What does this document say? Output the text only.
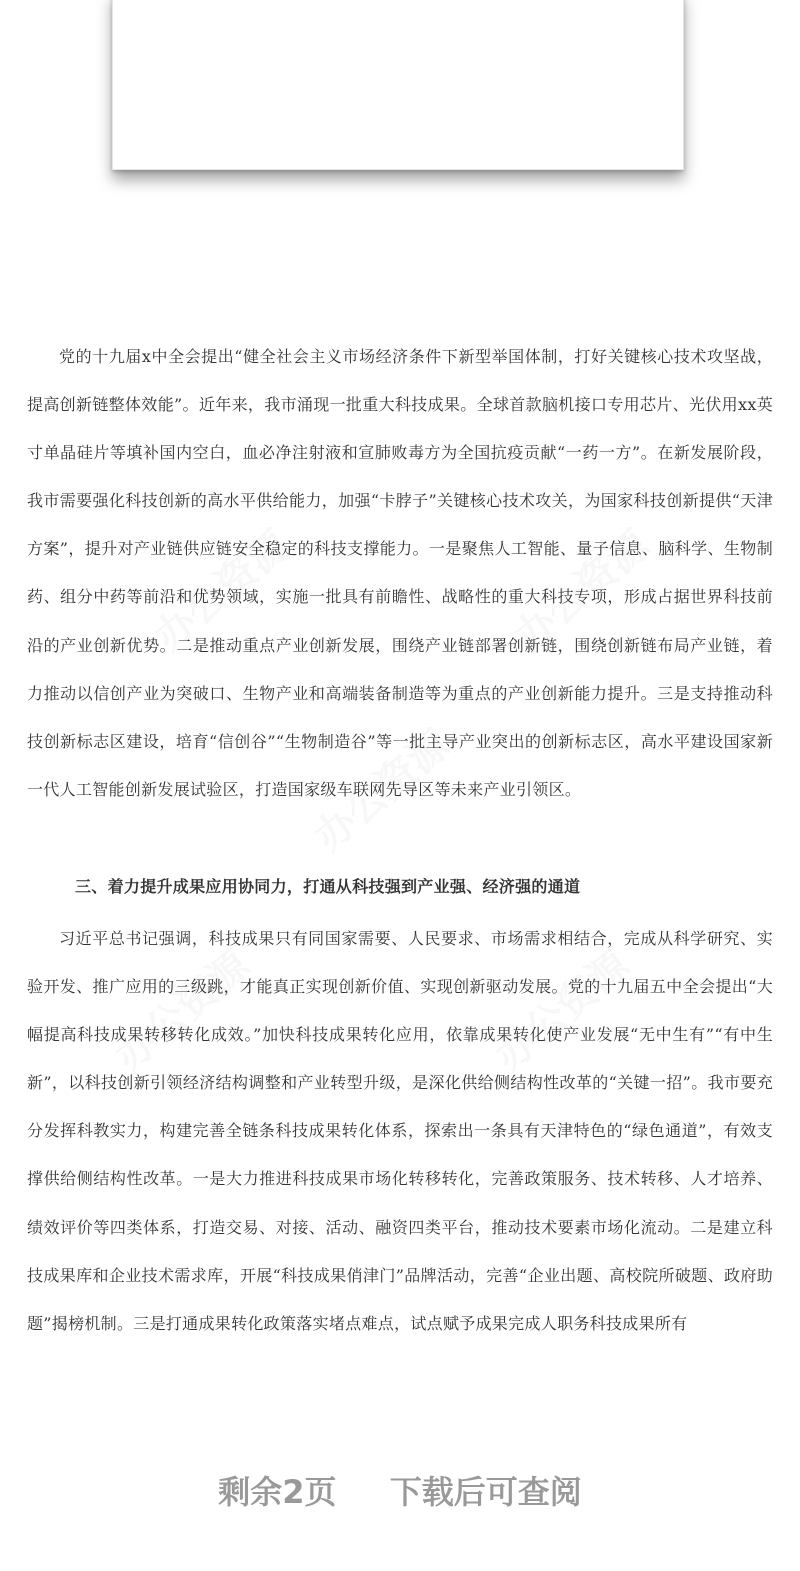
办公资源	办公资源
办公资源
办公资源	办公资源

党的十九届x中全会提出“健全社会主义市场经济条件下新型举国体制，打好关键核心技术攻坚战，提高创新链整体效能”。近年来，我市涌现一批重大科技成果。全球首款脑机接口专用芯片、光伏用xx英寸单晶硅片等填补国内空白，血必净注射液和宣肺败毒方为全国抗疫贡献“一药一方”。在新发展阶段，我市需要强化科技创新的高水平供给能力，加强“卡脖子”关键核心技术攻关，为国家科技创新提供“天津方案”，提升对产业链供应链安全稳定的科技支撑能力。一是聚焦人工智能、量子信息、脑科学、生物制药、组分中药等前沿和优势领域，实施一批具有前瞻性、战略性的重大科技专项，形成占据世界科技前沿的产业创新优势。二是推动重点产业创新发展，围绕产业链部署创新链，围绕创新链布局产业链，着力推动以信创产业为突破口、生物产业和高端装备制造等为重点的产业创新能力提升。三是支持推动科技创新标志区建设，培育“信创谷”“生物制造谷”等一批主导产业突出的创新标志区，高水平建设国家新一代人工智能创新发展试验区，打造国家级车联网先导区等未来产业引领区。

三、着力提升成果应用协同力，打通从科技强到产业强、经济强的通道

习近平总书记强调，科技成果只有同国家需要、人民要求、市场需求相结合，完成从科学研究、实验开发、推广应用的三级跳，才能真正实现创新价值、实现创新驱动发展。党的十九届五中全会提出“大幅提高科技成果转移转化成效。”加快科技成果转化应用，依靠成果转化使产业发展“无中生有”“有中生新”，以科技创新引领经济结构调整和产业转型升级，是深化供给侧结构性改革的“关键一招”。我市要充分发挥科教实力，构建完善全链条科技成果转化体系，探索出一条具有天津特色的“绿色通道”，有效支撑供给侧结构性改革。一是大力推进科技成果市场化转移转化，完善政策服务、技术转移、人才培养、绩效评价等四类体系，打造交易、对接、活动、融资四类平台，推动技术要素市场化流动。二是建立科技成果库和企业技术需求库，开展“科技成果俏津门”品牌活动，完善“企业出题、高校院所破题、政府助题”揭榜机制。三是打通成果转化政策落实堵点难点，试点赋予成果完成人职务科技成果所有

剩余2页 下载后可查阅
